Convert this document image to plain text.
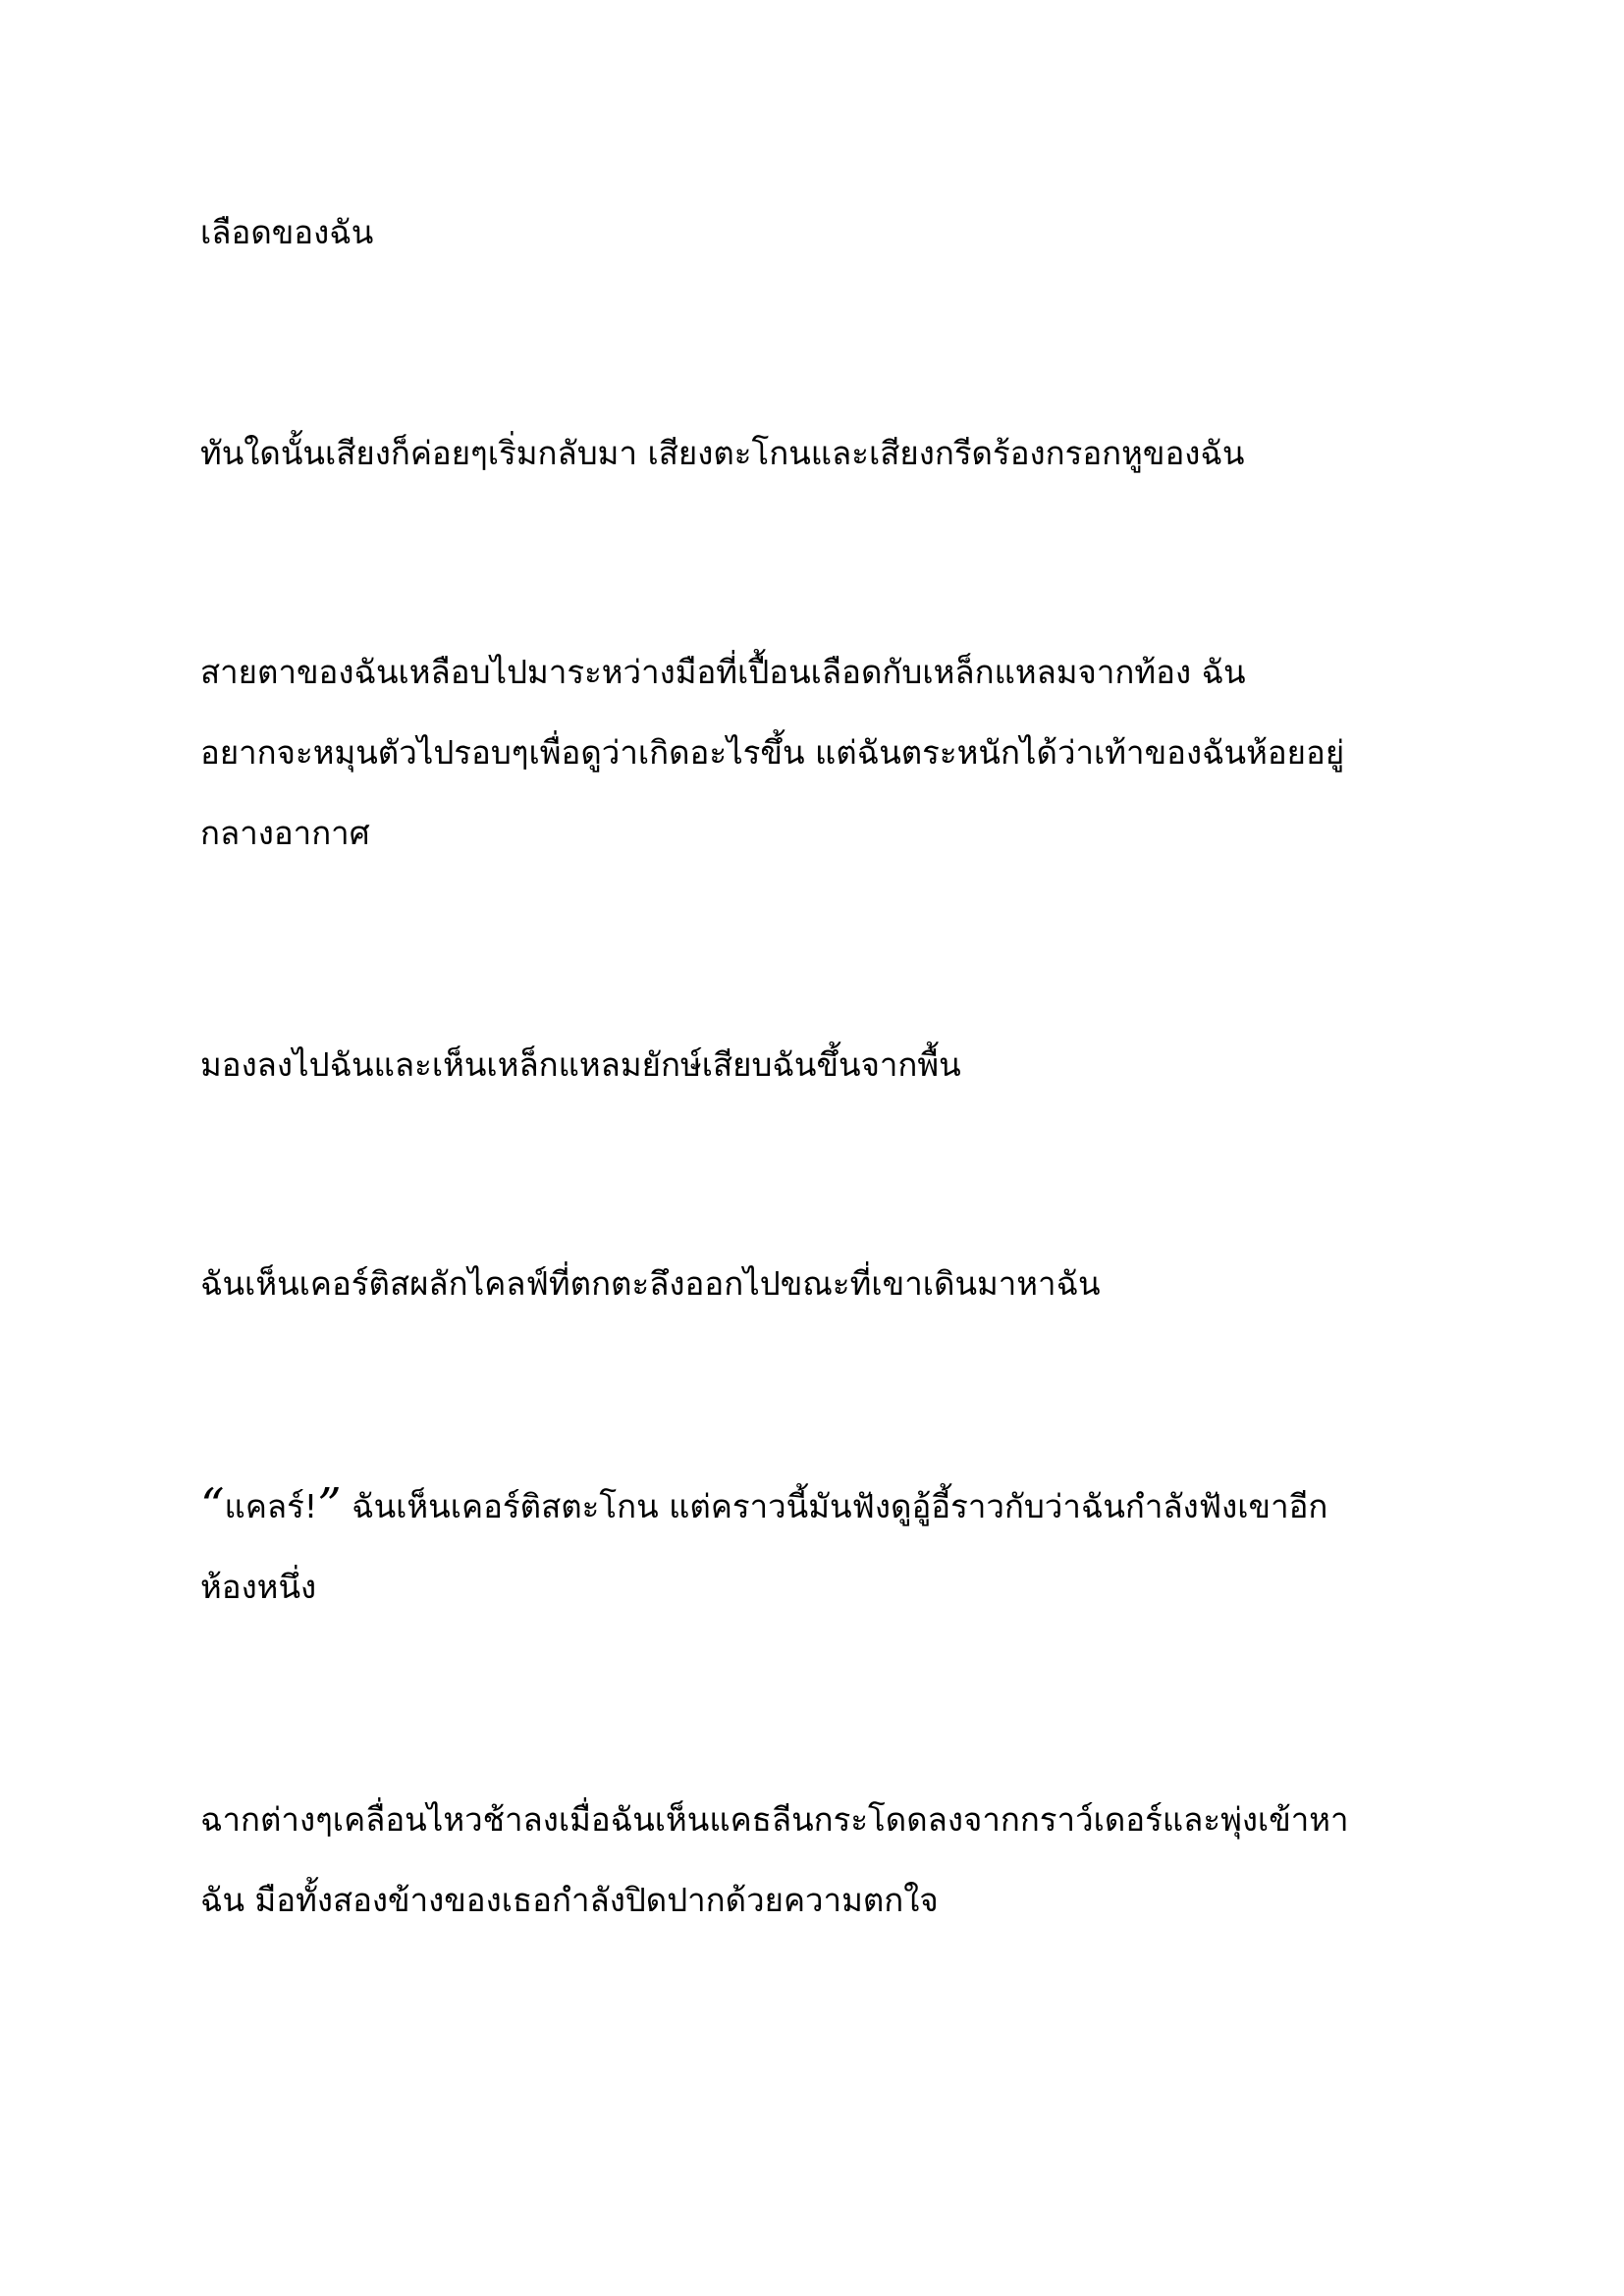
เลือดของฉัน

ทันใดนั้นเสียงก็ค่อยๆเริ่มกลับมา เสียงตะโกนและเสียงกรีดร้องกรอกหูของฉัน

สายตาของฉันเหลือบไปมาระหว่างมือที่เปื้อนเลือดกับเหล็กแหลมจากท้อง ฉัน
อยากจะหมุนตัวไปรอบๆเพื่อดูว่าเกิดอะไรขึ้น แต่ฉันตระหนักได้ว่าเท้าของฉันห้อยอยู่
กลางอากาศ

มองลงไปฉันและเห็นเหล็กแหลมยักษ์เสียบฉันขึ้นจากพื้น

ฉันเห็นเคอร์ติสผลักไคลฟ์ที่ตกตะลึงออกไปขณะที่เขาเดินมาหาฉัน

“แคลร์!” ฉันเห็นเคอร์ติสตะโกน แต่คราวนี้มันฟังดูอู้อี้ราวกับว่าฉันกำลังฟังเขาอีก
ห้องหนึ่ง

ฉากต่างๆเคลื่อนไหวช้าลงเมื่อฉันเห็นแคธลีนกระโดดลงจากกราว์เดอร์และพุ่งเข้าหา
ฉัน มือทั้งสองข้างของเธอกำลังปิดปากด้วยความตกใจ
